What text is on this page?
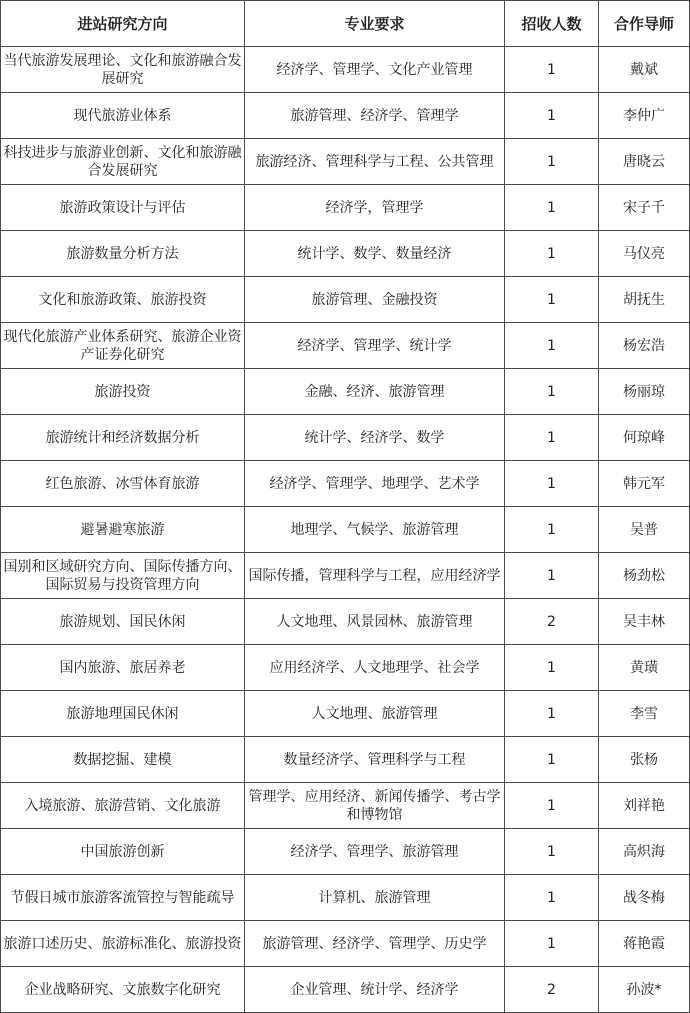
进站研究方向	专业要求	招收人数	合作导师
当代旅游发展理论、文化和旅游融合发展研究	经济学、管理学、文化产业管理	1	戴斌
现代旅游业体系	旅游管理、经济学、管理学	1	李仲广
科技进步与旅游业创新、文化和旅游融合发展研究	旅游经济、管理科学与工程、公共管理	1	唐晓云
旅游政策设计与评估	经济学，管理学	1	宋子千
旅游数量分析方法	统计学、数学、数量经济	1	马仪亮
文化和旅游政策、旅游投资	旅游管理、金融投资	1	胡抚生
现代化旅游产业体系研究、旅游企业资产证券化研究	经济学、管理学、统计学	1	杨宏浩
旅游投资	金融、经济、旅游管理	1	杨丽琼
旅游统计和经济数据分析	统计学、经济学、数学	1	何琼峰
红色旅游、冰雪体育旅游	经济学、管理学、地理学、艺术学	1	韩元军
避暑避寒旅游	地理学、气候学、旅游管理	1	吴普
国别和区域研究方向、国际传播方向、国际贸易与投资管理方向	国际传播，管理科学与工程，应用经济学	1	杨劲松
旅游规划、国民休闲	人文地理、风景园林、旅游管理	2	吴丰林
国内旅游、旅居养老	应用经济学、人文地理学、社会学	1	黄璜
旅游地理国民休闲	人文地理、旅游管理	1	李雪
数据挖掘、建模	数量经济学、管理科学与工程	1	张杨
入境旅游、旅游营销、文化旅游	管理学、应用经济、新闻传播学、考古学和博物馆	1	刘祥艳
中国旅游创新	经济学、管理学、旅游管理	1	高炽海
节假日城市旅游客流管控与智能疏导	计算机、旅游管理	1	战冬梅
旅游口述历史、旅游标准化、旅游投资	旅游管理、经济学、管理学、历史学	1	蒋艳霞
企业战略研究、文旅数字化研究	企业管理、统计学、经济学	2	孙波*
